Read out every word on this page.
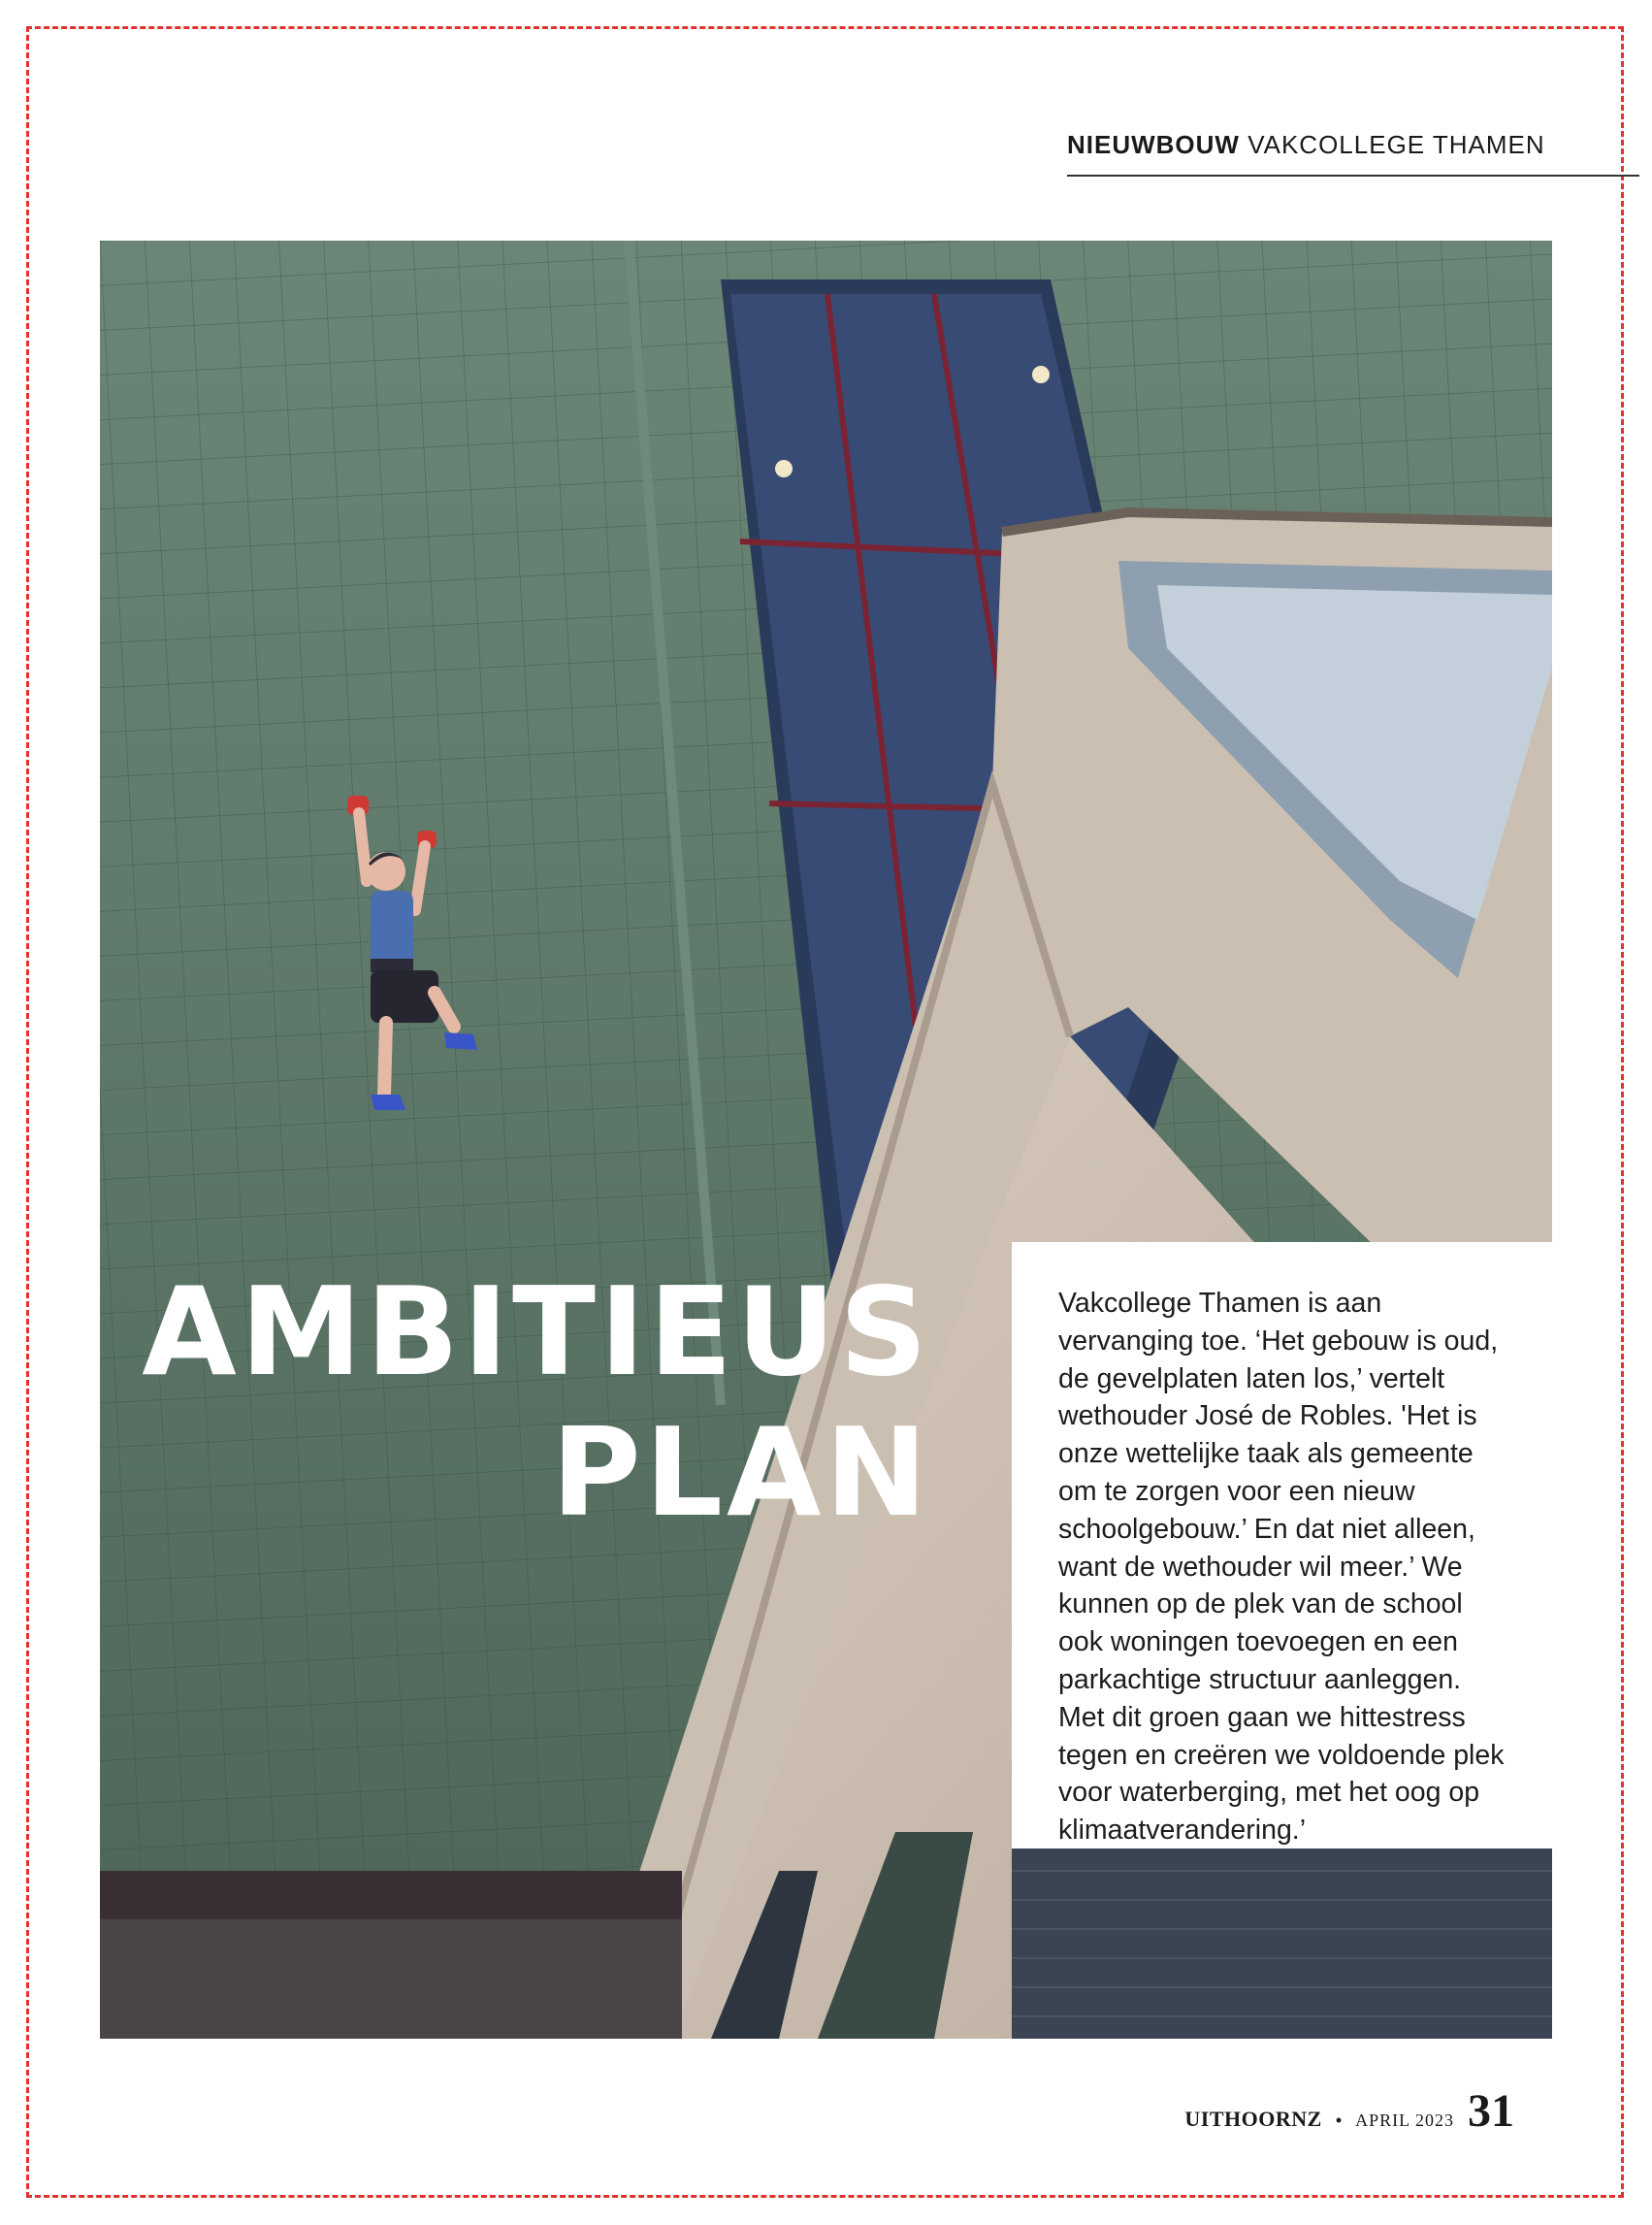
NIEUWBOUW VAKCOLLEGE THAMEN
AMBITIEUS
PLAN

Vakcollege Thamen is aan vervanging toe. ‘Het gebouw is oud, de gevelplaten laten los,’ vertelt wethouder José de Robles. 'Het is onze wettelijke taak als gemeente om te zorgen voor een nieuw schoolgebouw.’ En dat niet alleen, want de wethouder wil meer.’ We kunnen op de plek van de school ook woningen toevoegen en een parkachtige structuur aanleggen. Met dit groen gaan we hittestress tegen en creëren we voldoende plek voor waterberging, met het oog op klimaatverandering.’

UITHOORNZ • APRIL 2023 31
